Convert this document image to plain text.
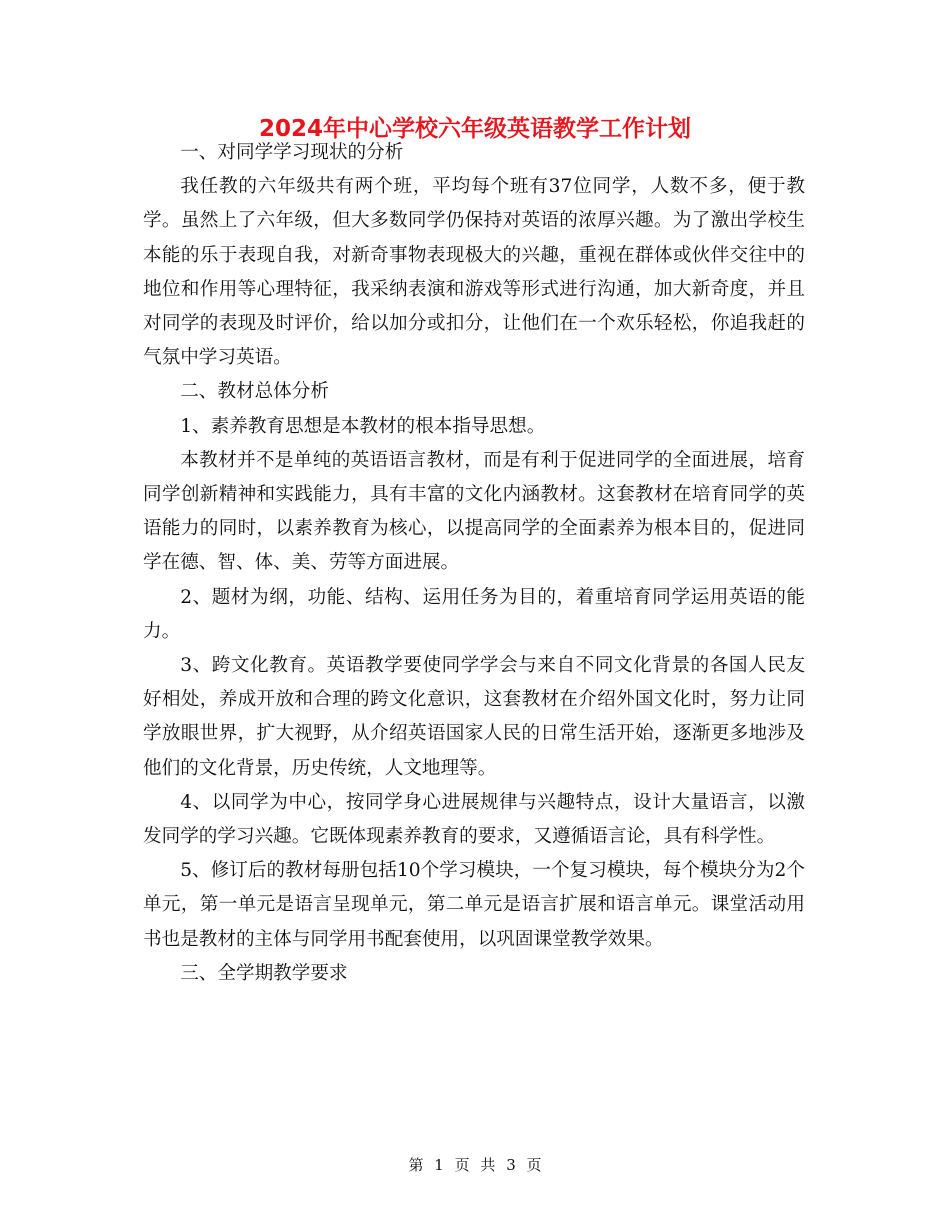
2024年中心学校六年级英语教学工作计划

一、对同学学习现状的分析

我任教的六年级共有两个班，平均每个班有37位同学，人数不多，便于教学。虽然上了六年级，但大多数同学仍保持对英语的浓厚兴趣。为了激出学校生本能的乐于表现自我，对新奇事物表现极大的兴趣，重视在群体或伙伴交往中的地位和作用等心理特征，我采纳表演和游戏等形式进行沟通，加大新奇度，并且对同学的表现及时评价，给以加分或扣分，让他们在一个欢乐轻松，你追我赶的气氛中学习英语。

二、教材总体分析

1、素养教育思想是本教材的根本指导思想。

本教材并不是单纯的英语语言教材，而是有利于促进同学的全面进展，培育同学创新精神和实践能力，具有丰富的文化内涵教材。这套教材在培育同学的英语能力的同时，以素养教育为核心，以提高同学的全面素养为根本目的，促进同学在德、智、体、美、劳等方面进展。

2、题材为纲，功能、结构、运用任务为目的，着重培育同学运用英语的能力。

3、跨文化教育。英语教学要使同学学会与来自不同文化背景的各国人民友好相处，养成开放和合理的跨文化意识，这套教材在介绍外国文化时，努力让同学放眼世界，扩大视野，从介绍英语国家人民的日常生活开始，逐渐更多地涉及他们的文化背景，历史传统，人文地理等。

4、以同学为中心，按同学身心进展规律与兴趣特点，设计大量语言，以激发同学的学习兴趣。它既体现素养教育的要求，又遵循语言论，具有科学性。

5、修订后的教材每册包括10个学习模块，一个复习模块，每个模块分为2个单元，第一单元是语言呈现单元，第二单元是语言扩展和语言单元。课堂活动用书也是教材的主体与同学用书配套使用，以巩固课堂教学效果。

三、全学期教学要求

第 1 页 共 3 页
